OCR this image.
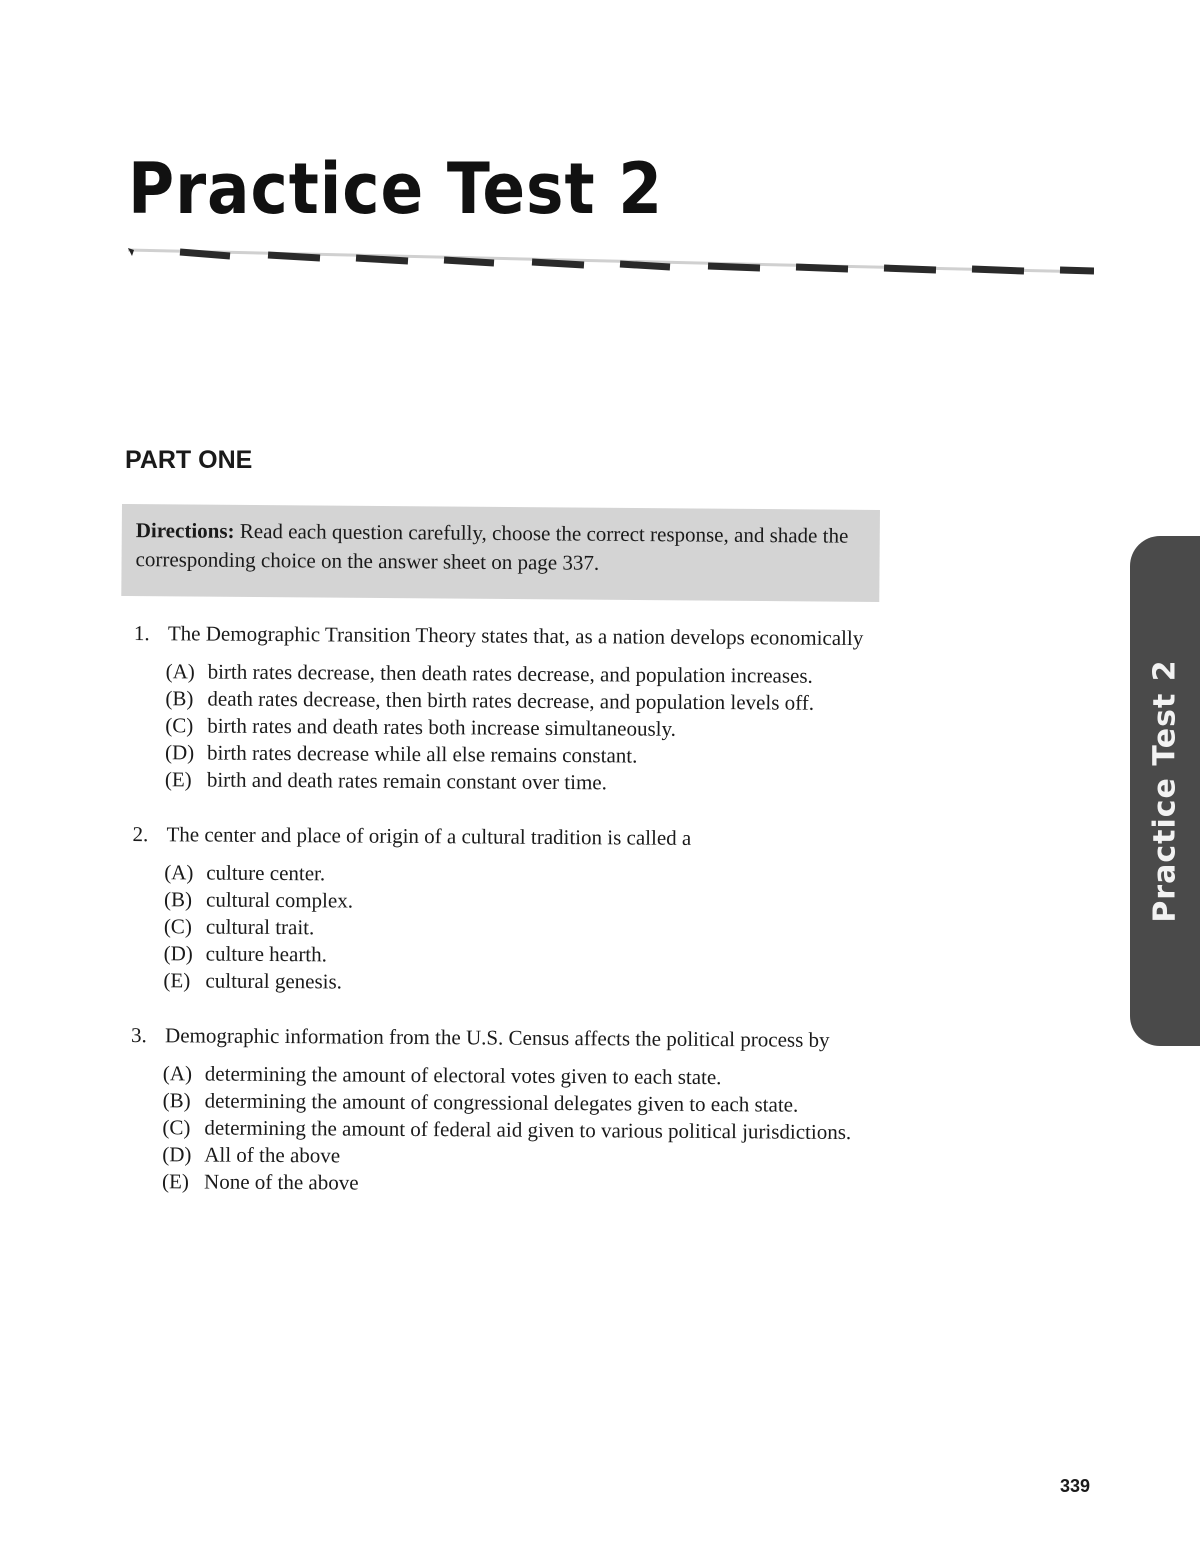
Practice Test 2
PART ONE
Directions: Read each question carefully, choose the correct response, and shade the corresponding choice on the answer sheet on page 337.
1. The Demographic Transition Theory states that, as a nation develops economically
(A) birth rates decrease, then death rates decrease, and population increases.
(B) death rates decrease, then birth rates decrease, and population levels off.
(C) birth rates and death rates both increase simultaneously.
(D) birth rates decrease while all else remains constant.
(E) birth and death rates remain constant over time.
2. The center and place of origin of a cultural tradition is called a
(A) culture center.
(B) cultural complex.
(C) cultural trait.
(D) culture hearth.
(E) cultural genesis.
3. Demographic information from the U.S. Census affects the political process by
(A) determining the amount of electoral votes given to each state.
(B) determining the amount of congressional delegates given to each state.
(C) determining the amount of federal aid given to various political jurisdictions.
(D) All of the above
(E) None of the above
Practice Test 2
339
